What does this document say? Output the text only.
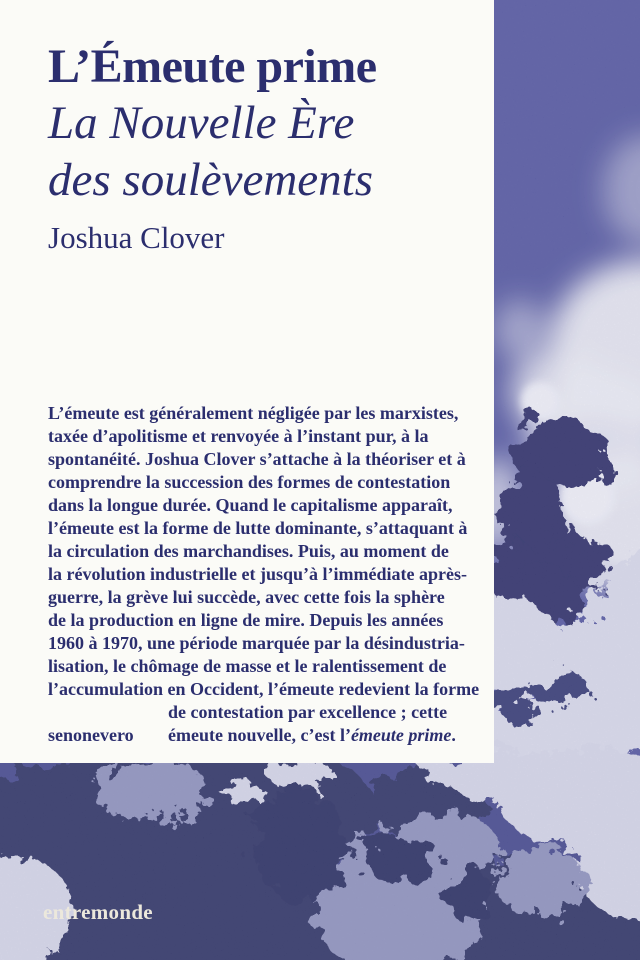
L’Émeute prime
La Nouvelle Ère
des soulèvements
Joshua Clover
L’émeute est généralement négligée par les marxistes,
taxée d’apolitisme et renvoyée à l’instant pur, à la
spontanéité. Joshua Clover s’attache à la théoriser et à
comprendre la succession des formes de contestation
dans la longue durée. Quand le capitalisme apparaît,
l’émeute est la forme de lutte dominante, s’attaquant à
la circulation des marchandises. Puis, au moment de
la révolution industrielle et jusqu’à l’immédiate après-
guerre, la grève lui succède, avec cette fois la sphère
de la production en ligne de mire. Depuis les années
1960 à 1970, une période marquée par la désindustria-
lisation, le chômage de masse et le ralentissement de
l’accumulation en Occident, l’émeute redevient la forme
de contestation par excellence ; cette
senonevero	émeute nouvelle, c’est l’émeute prime.
entremonde
